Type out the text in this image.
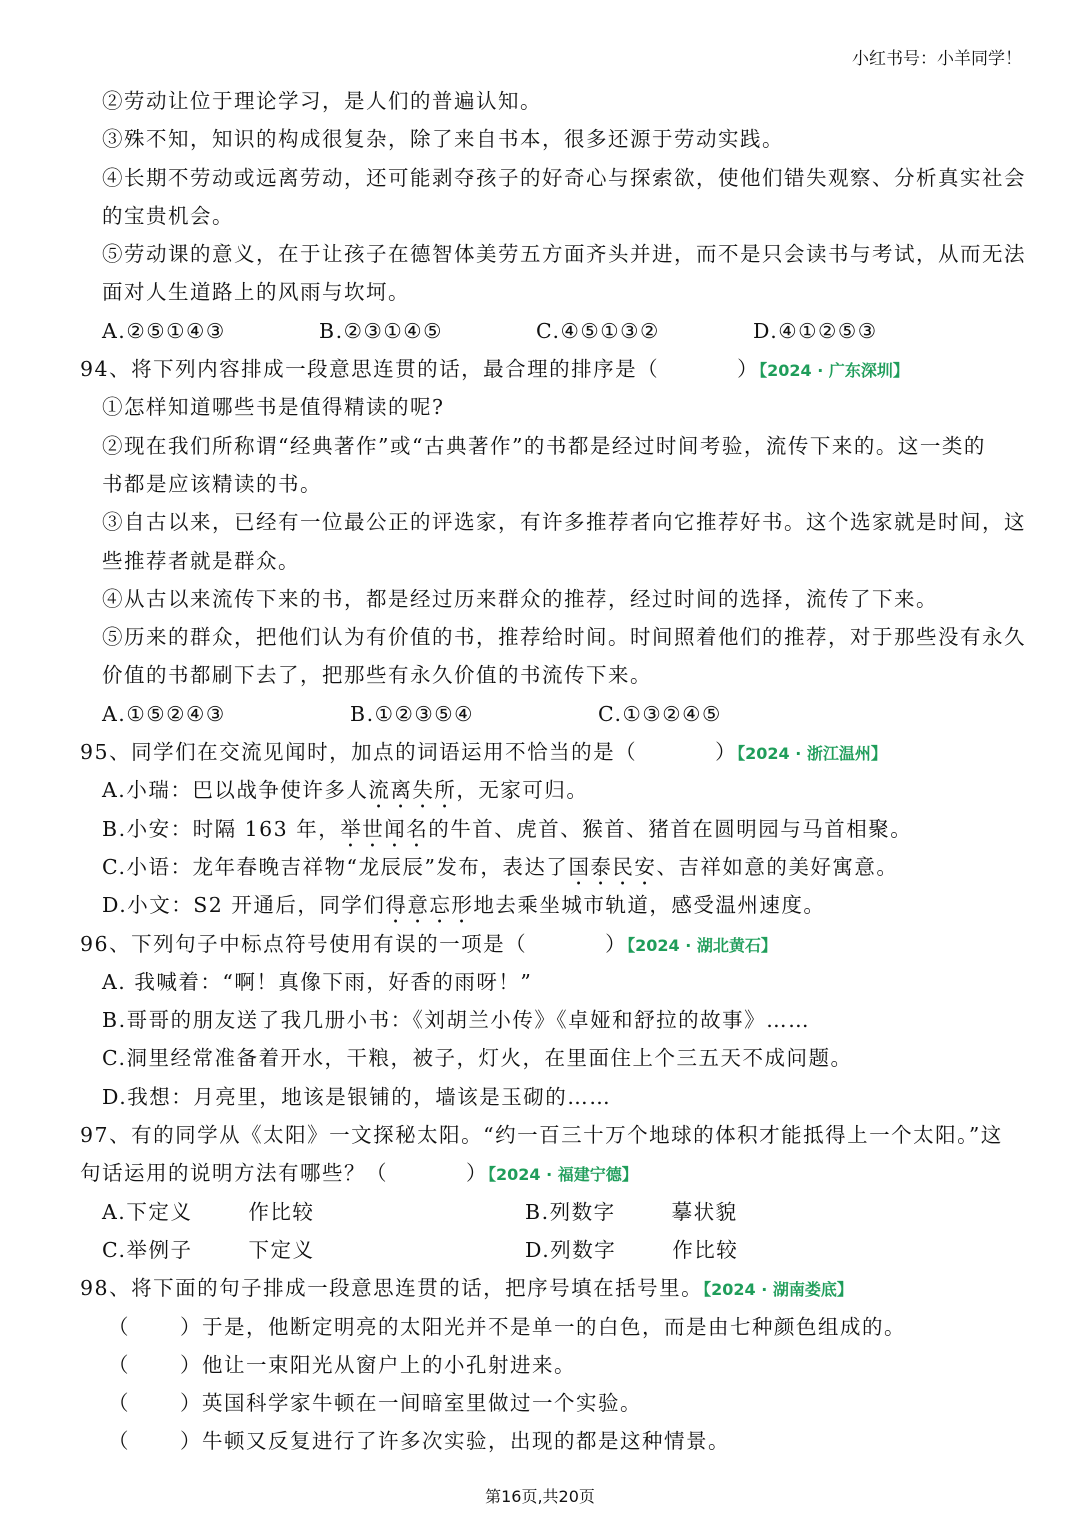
小红书号：小羊同学！
②劳动让位于理论学习，是人们的普遍认知。
③殊不知，知识的构成很复杂，除了来自书本，很多还源于劳动实践。
④长期不劳动或远离劳动，还可能剥夺孩子的好奇心与探索欲，使他们错失观察、分析真实社会
的宝贵机会。
⑤劳动课的意义，在于让孩子在德智体美劳五方面齐头并进，而不是只会读书与考试，从而无法
面对人生道路上的风雨与坎坷。
A.②⑤①④③	B.②③①④⑤	C.④⑤①③②	D.④①②⑤③
94、将下列内容排成一段意思连贯的话，最合理的排序是（	）【2024 · 广东深圳】
①怎样知道哪些书是值得精读的呢?
②现在我们所称谓“经典著作”或“古典著作”的书都是经过时间考验，流传下来的。这一类的
书都是应该精读的书。
③自古以来，已经有一位最公正的评选家，有许多推荐者向它推荐好书。这个选家就是时间，这
些推荐者就是群众。
④从古以来流传下来的书，都是经过历来群众的推荐，经过时间的选择，流传了下来。
⑤历来的群众，把他们认为有价值的书，推荐给时间。时间照着他们的推荐，对于那些没有永久
价值的书都刷下去了，把那些有永久价值的书流传下来。
A.①⑤②④③	B.①②③⑤④	C.①③②④⑤
95、同学们在交流见闻时，加点的词语运用不恰当的是（	）【2024 · 浙江温州】
A.小瑞：巴以战争使许多人流离失所，无家可归。
B.小安：时隔 163 年，举世闻名的牛首、虎首、猴首、猪首在圆明园与马首相聚。
C.小语：龙年春晚吉祥物“龙辰辰”发布，表达了国泰民安、吉祥如意的美好寓意。
D.小文：S2 开通后，同学们得意忘形地去乘坐城市轨道，感受温州速度。
96、下列句子中标点符号使用有误的一项是（	）【2024 · 湖北黄石】
A. 我喊着：“啊！真像下雨，好香的雨呀！”
B.哥哥的朋友送了我几册小书：《刘胡兰小传》《卓娅和舒拉的故事》……
C.洞里经常准备着开水，干粮，被子，灯火，在里面住上个三五天不成问题。
D.我想：月亮里，地该是银铺的，墙该是玉砌的……
97、有的同学从《太阳》一文探秘太阳。“约一百三十万个地球的体积才能抵得上一个太阳。”这
句话运用的说明方法有哪些？（	）【2024 · 福建宁德】
A.下定义	作比较	B.列数字	摹状貌
C.举例子	下定义	D.列数字	作比较
98、将下面的句子排成一段意思连贯的话，把序号填在括号里。【2024 · 湖南娄底】
（ ）于是，他断定明亮的太阳光并不是单一的白色，而是由七种颜色组成的。
（ ）他让一束阳光从窗户上的小孔射进来。
（ ）英国科学家牛顿在一间暗室里做过一个实验。
（ ）牛顿又反复进行了许多次实验，出现的都是这种情景。
第16页,共20页
